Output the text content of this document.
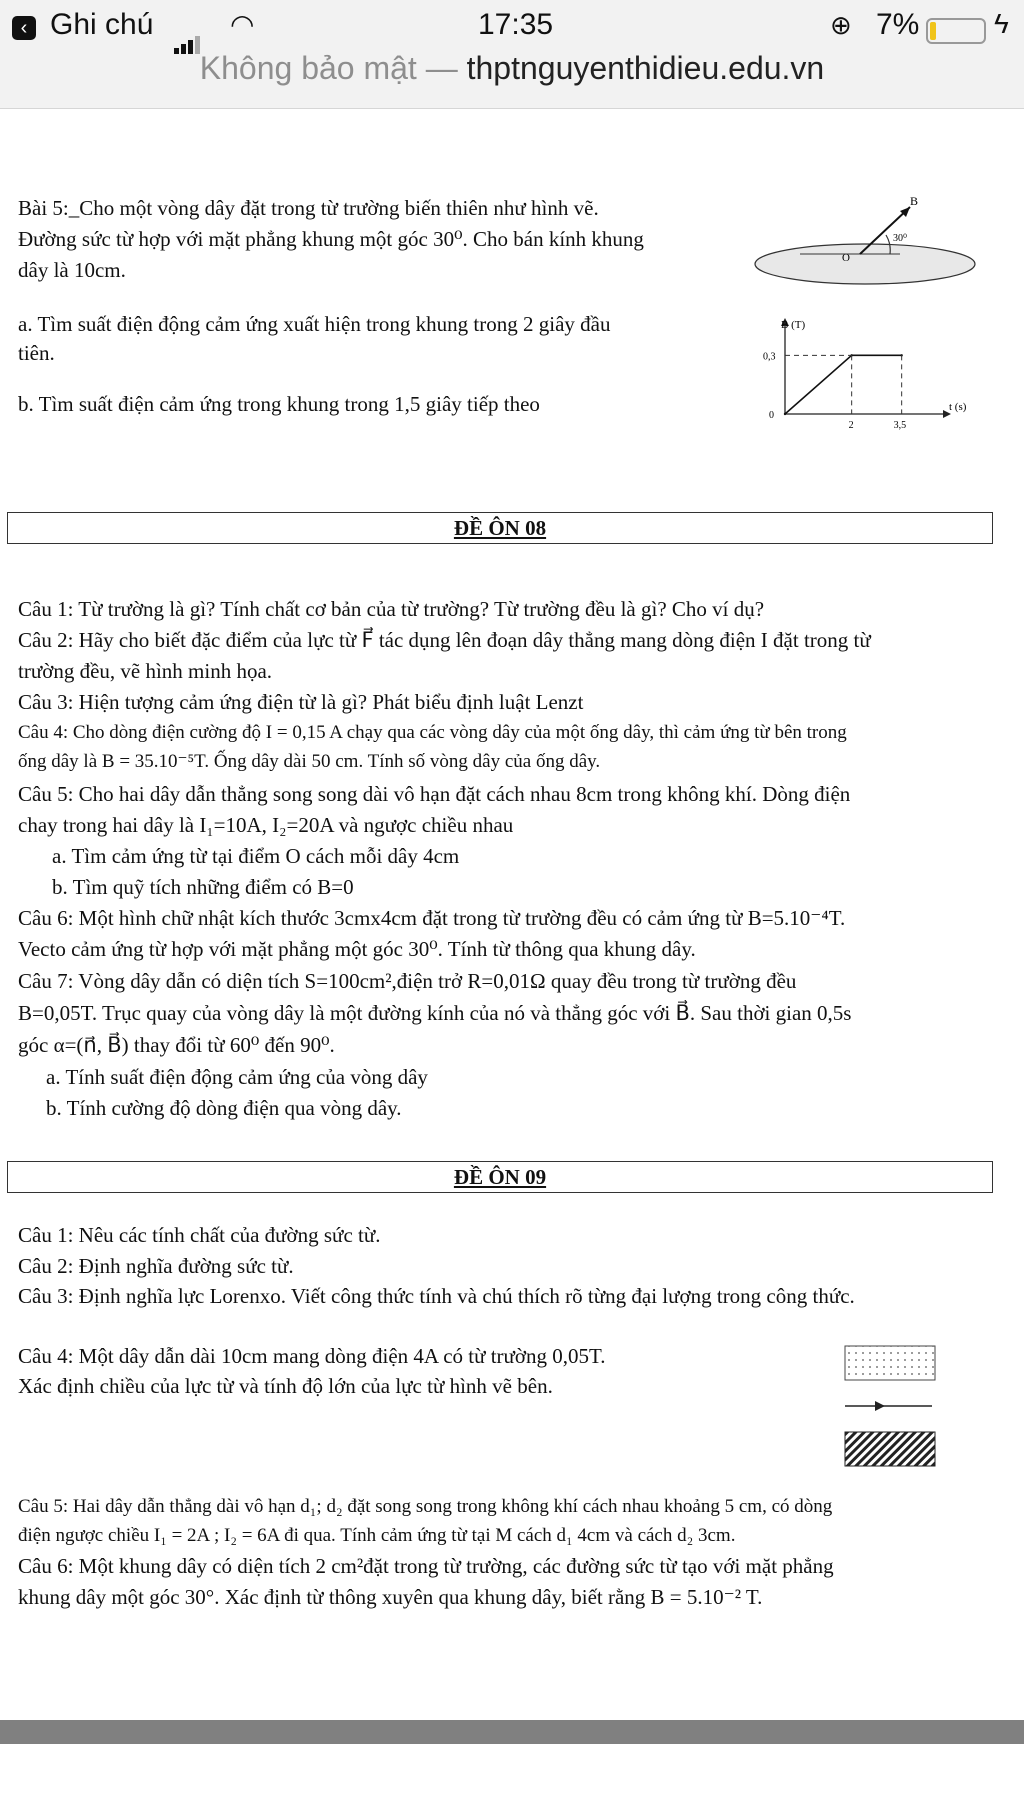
‹ Ghi chú	◠	17:35	⊕ 7%	ϟ
Không bảo mật — thptnguyenthidieu.edu.vn
Bài 5:_Cho một vòng dây đặt trong từ trường biến thiên như hình vẽ.
Đường sức từ hợp với mặt phẳng khung một góc 30⁰. Cho bán kính khung
dây là 10cm.
a. Tìm suất điện động cảm ứng xuất hiện trong khung trong 2 giây đầu
tiên.
b. Tìm suất điện cảm ứng trong khung trong 1,5 giây tiếp theo
B
30⁰
O
B (T)
t (s)
0
0,3
2	3,5
ĐỀ ÔN 08
Câu 1: Từ trường là gì? Tính chất cơ bản của từ trường? Từ trường đều là gì? Cho ví dụ?
Câu 2: Hãy cho biết đặc điểm của lực từ F⃗ tác dụng lên đoạn dây thẳng mang dòng điện I đặt trong từ
trường đều, vẽ hình minh họa.
Câu 3: Hiện tượng cảm ứng điện từ là gì? Phát biểu định luật Lenzt
Câu 4: Cho dòng điện cường độ I = 0,15 A chạy qua các vòng dây của một ống dây, thì cảm ứng từ bên trong
ống dây là B = 35.10⁻⁵T. Ống dây dài 50 cm. Tính số vòng dây của ống dây.
Câu 5: Cho hai dây dẫn thẳng song song dài vô hạn đặt cách nhau 8cm trong không khí. Dòng điện
chay trong hai dây là I₁=10A, I₂=20A và ngược chiều nhau
a. Tìm cảm ứng từ tại điểm O cách mỗi dây 4cm
b. Tìm quỹ tích những điểm có B=0
Câu 6: Một hình chữ nhật kích thước 3cmx4cm đặt trong từ trường đều có cảm ứng từ B=5.10⁻⁴T.
Vecto cảm ứng từ hợp với mặt phẳng một góc 30⁰. Tính từ thông qua khung dây.
Câu 7: Vòng dây dẫn có diện tích S=100cm²,điện trở R=0,01Ω quay đều trong từ trường đều
B=0,05T. Trục quay của vòng dây là một đường kính của nó và thẳng góc với B⃗. Sau thời gian 0,5s
góc α=(n⃗, B⃗) thay đổi từ 60⁰ đến 90⁰.
a. Tính suất điện động cảm ứng của vòng dây
b. Tính cường độ dòng điện qua vòng dây.
ĐỀ ÔN 09
Câu 1: Nêu các tính chất của đường sức từ.
Câu 2: Định nghĩa đường sức từ.
Câu 3: Định nghĩa lực Lorenxo. Viết công thức tính và chú thích rõ từng đại lượng trong công thức.
Câu 4: Một dây dẫn dài 10cm mang dòng điện 4A có từ trường 0,05T.
Xác định chiều của lực từ và tính độ lớn của lực từ hình vẽ bên.
Câu 5: Hai dây dẫn thẳng dài vô hạn d₁; d₂ đặt song song trong không khí cách nhau khoảng 5 cm, có dòng
điện ngược chiều I₁ = 2A ; I₂ = 6A đi qua. Tính cảm ứng từ tại M cách d₁ 4cm và cách d₂ 3cm.
Câu 6: Một khung dây có diện tích 2 cm²đặt trong từ trường, các đường sức từ tạo với mặt phẳng
khung dây một góc 30°. Xác định từ thông xuyên qua khung dây, biết rằng B = 5.10⁻² T.
